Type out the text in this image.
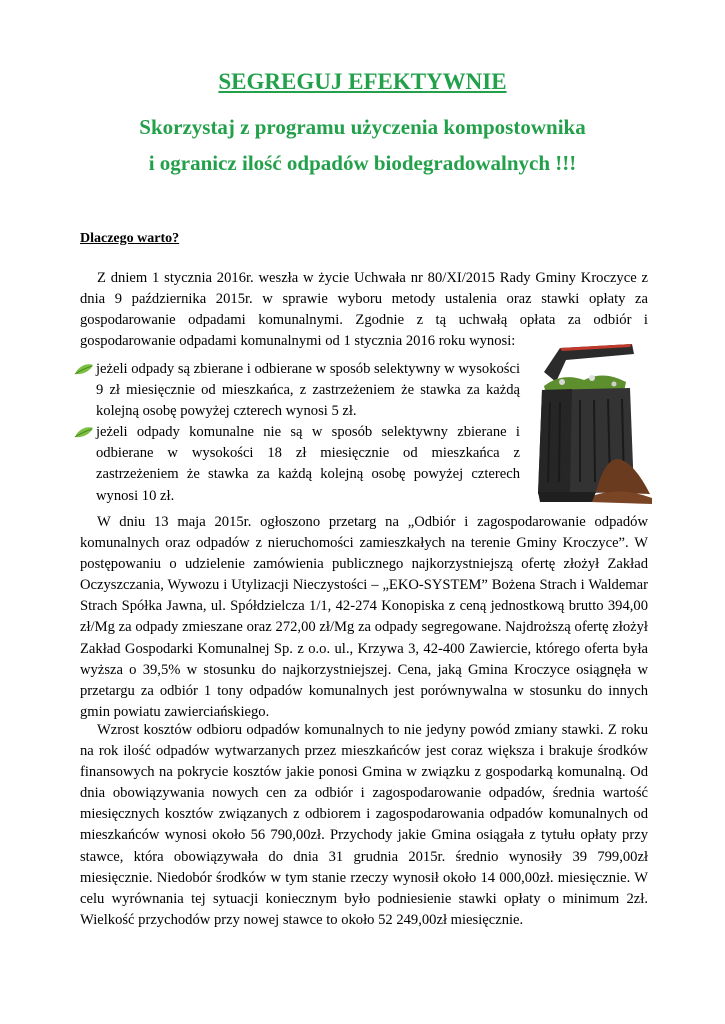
SEGREGUJ EFEKTYWNIE
Skorzystaj z programu użyczenia kompostownika
i ogranicz ilość odpadów biodegradowalnych !!!
Dlaczego warto?

Z dniem 1 stycznia 2016r. weszła w życie Uchwała nr 80/XI/2015 Rady Gminy Kroczyce z dnia 9 października 2015r. w sprawie wyboru metody ustalenia oraz stawki opłaty za gospodarowanie odpadami komunalnymi. Zgodnie z tą uchwałą opłata za odbiór i gospodarowanie odpadami komunalnymi od 1 stycznia 2016 roku wynosi:

jeżeli odpady są zbierane i odbierane w sposób selektywny w wysokości 9 zł miesięcznie od mieszkańca, z zastrzeżeniem że stawka za każdą kolejną osobę powyżej czterech wynosi 5 zł.
jeżeli odpady komunalne nie są w sposób selektywny zbierane i odbierane w wysokości 18 zł miesięcznie od mieszkańca z zastrzeżeniem że stawka za każdą kolejną osobę powyżej czterech wynosi 10 zł.

W dniu 13 maja 2015r. ogłoszono przetarg na „Odbiór i zagospodarowanie odpadów komunalnych oraz odpadów z nieruchomości zamieszkałych na terenie Gminy Kroczyce”. W postępowaniu o udzielenie zamówienia publicznego najkorzystniejszą ofertę złożył Zakład Oczyszczania, Wywozu i Utylizacji Nieczystości – „EKO-SYSTEM” Bożena Strach i Waldemar Strach Spółka Jawna, ul. Spółdzielcza 1/1, 42-274 Konopiska z ceną jednostkową brutto 394,00 zł/Mg za odpady zmieszane oraz 272,00 zł/Mg za odpady segregowane. Najdroższą ofertę złożył Zakład Gospodarki Komunalnej Sp. z o.o. ul., Krzywa 3, 42-400 Zawiercie, którego oferta była wyższa o 39,5% w stosunku do najkorzystniejszej. Cena, jaką Gmina Kroczyce osiągnęła w przetargu za odbiór 1 tony odpadów komunalnych jest porównywalna w stosunku do innych gmin powiatu zawierciańskiego.

Wzrost kosztów odbioru odpadów komunalnych to nie jedyny powód zmiany stawki. Z roku na rok ilość odpadów wytwarzanych przez mieszkańców jest coraz większa i brakuje środków finansowych na pokrycie kosztów jakie ponosi Gmina w związku z gospodarką komunalną. Od dnia obowiązywania nowych cen za odbiór i zagospodarowanie odpadów, średnia wartość miesięcznych kosztów związanych z odbiorem i zagospodarowania odpadów komunalnych od mieszkańców wynosi około 56 790,00zł. Przychody jakie Gmina osiągała z tytułu opłaty przy stawce, która obowiązywała do dnia 31 grudnia 2015r. średnio wynosiły 39 799,00zł miesięcznie. Niedobór środków w tym stanie rzeczy wynosił około 14 000,00zł. miesięcznie. W celu wyrównania tej sytuacji koniecznym było podniesienie stawki opłaty o minimum 2zł. Wielkość przychodów przy nowej stawce to około 52 249,00zł miesięcznie.
